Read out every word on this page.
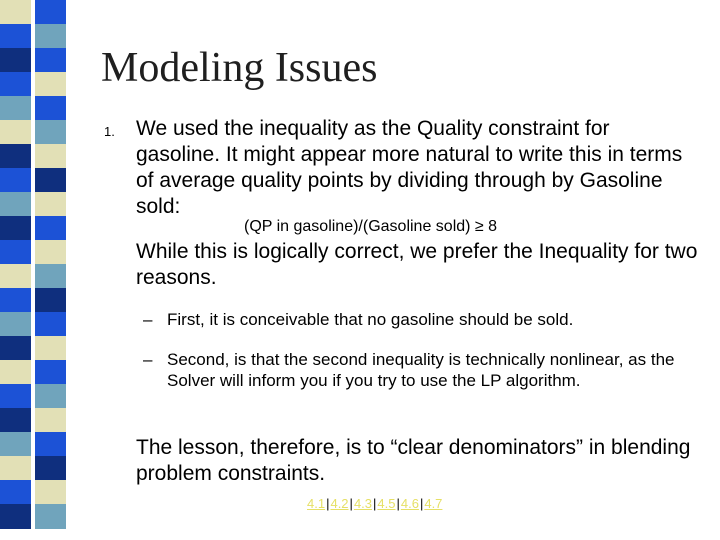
Modeling Issues
1. We used the inequality as the Quality constraint for gasoline. It might appear more natural to write this in terms of average quality points by dividing through by Gasoline sold:

(QP in gasoline)/(Gasoline sold) ≥ 8

While this is logically correct, we prefer the Inequality for two reasons.

– First, it is conceivable that no gasoline should be sold.
– Second, is that the second inequality is technically nonlinear, as the Solver will inform you if you try to use the LP algorithm.

The lesson, therefore, is to “clear denominators” in blending problem constraints.

4.1|4.2|4.3|4.5|4.6|4.7
